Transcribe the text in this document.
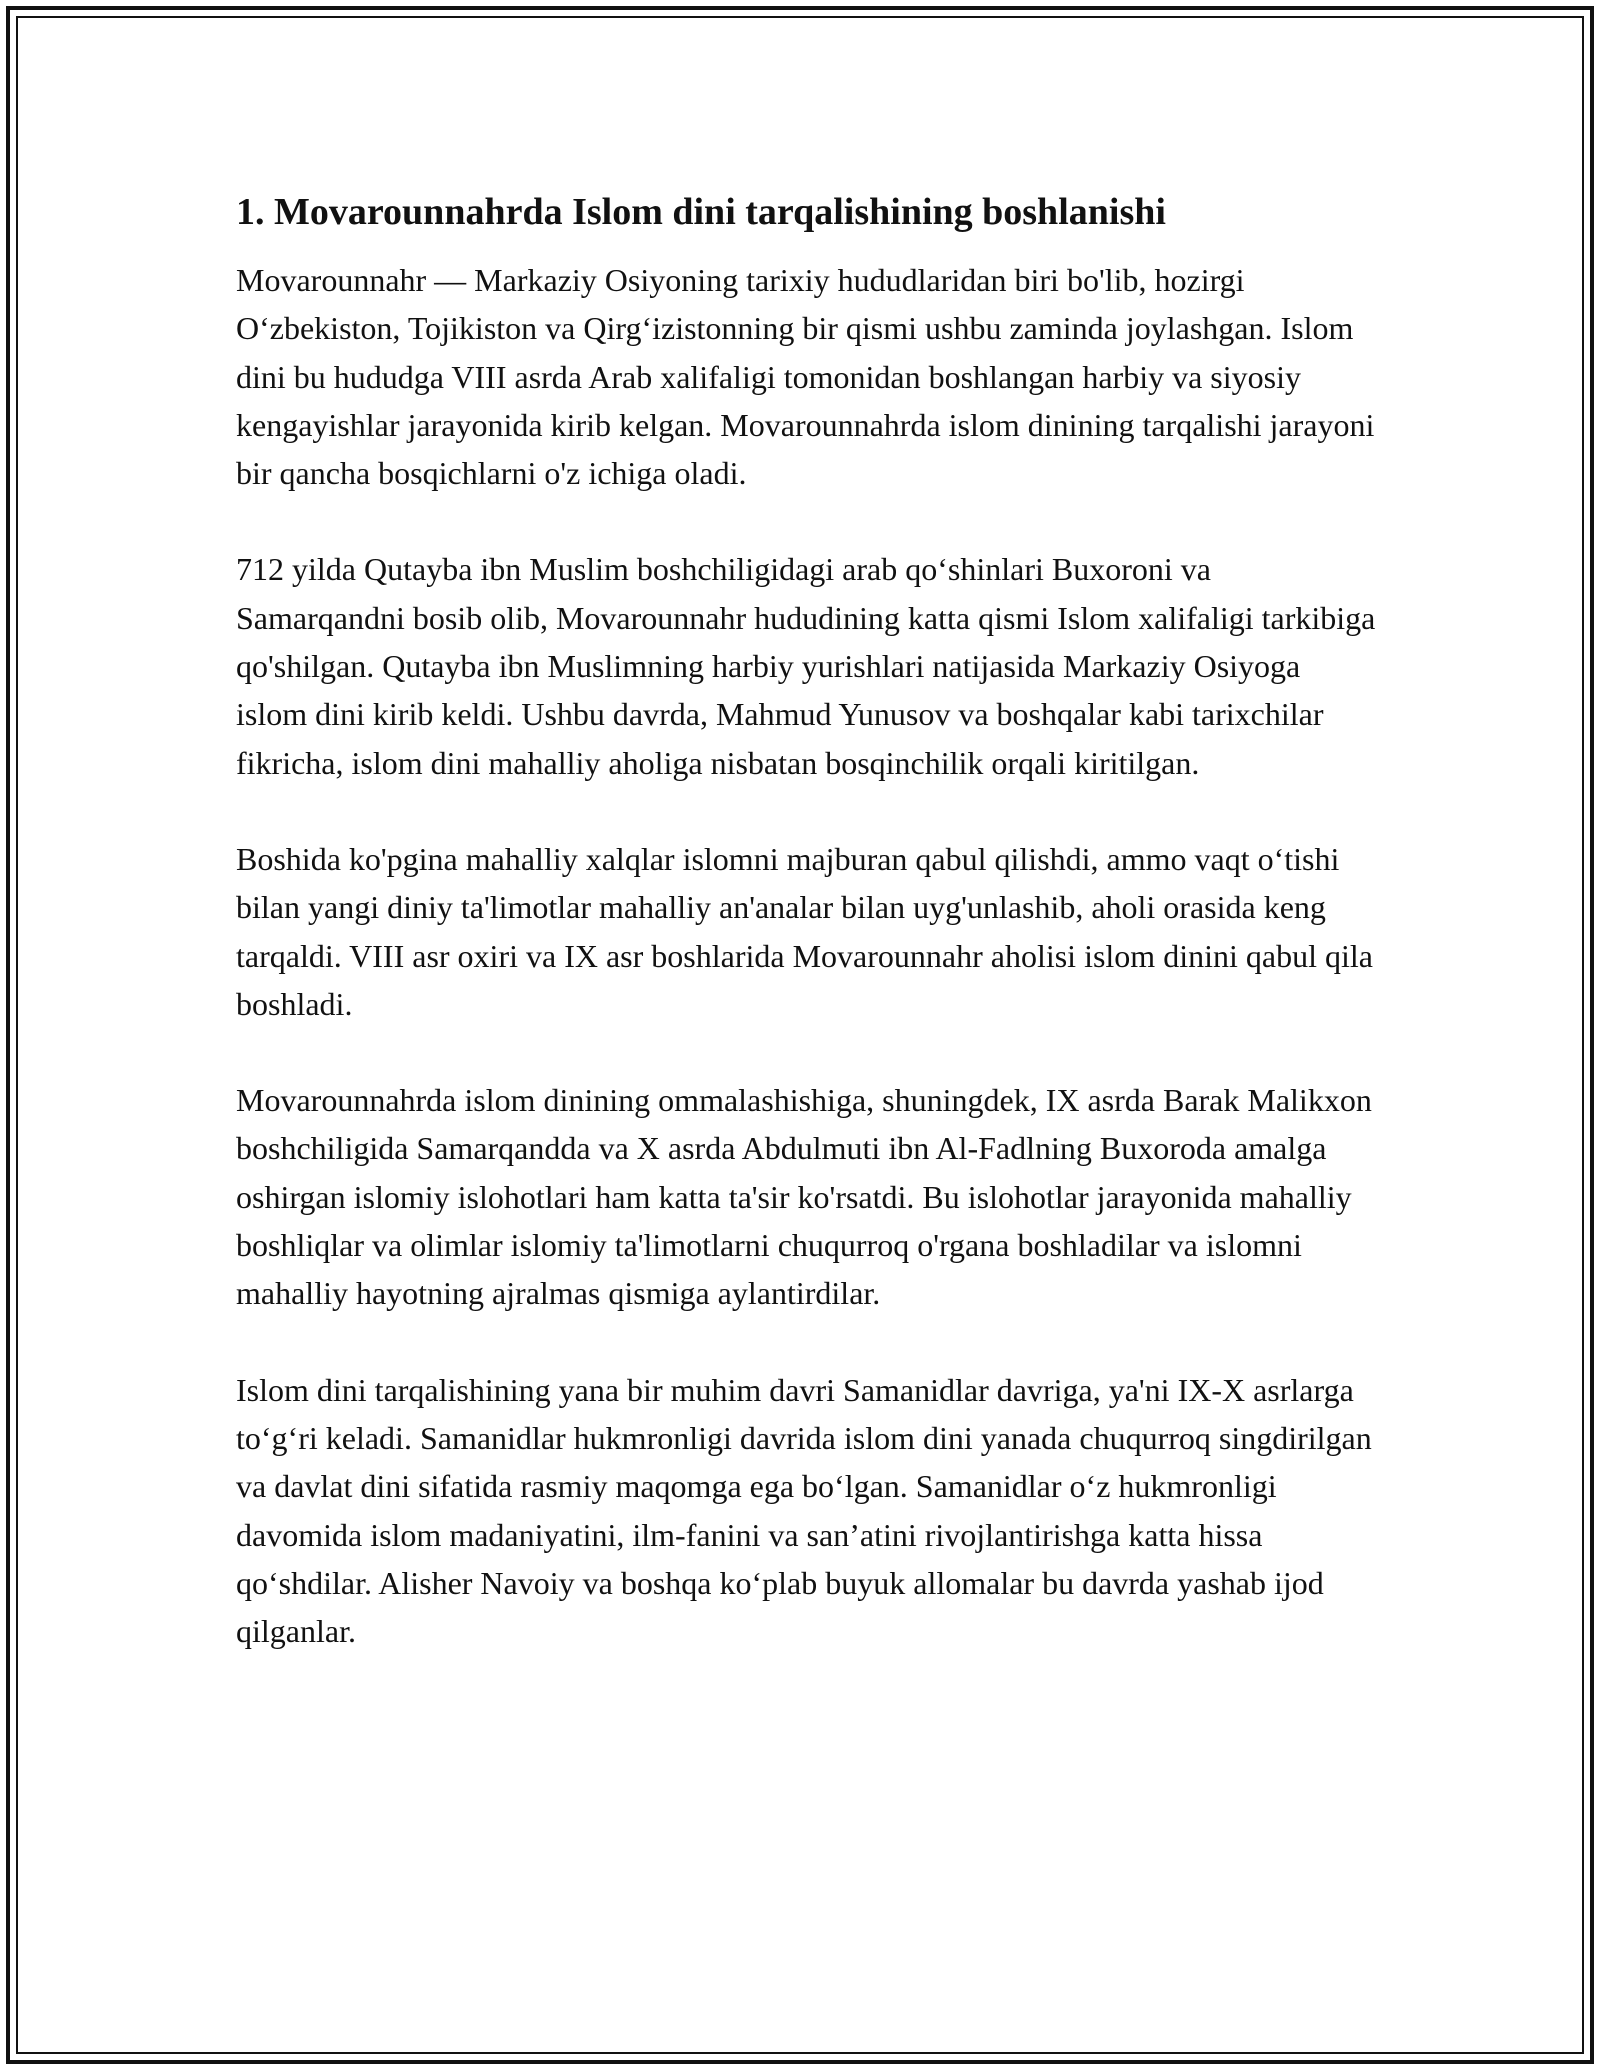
1. Movarounnahrda Islom dini tarqalishining boshlanishi

Movarounnahr — Markaziy Osiyoning tarixiy hududlaridan biri bo'lib, hozirgi O‘zbekiston, Tojikiston va Qirg‘izistonning bir qismi ushbu zaminda joylashgan. Islom dini bu hududga VIII asrda Arab xalifaligi tomonidan boshlangan harbiy va siyosiy kengayishlar jarayonida kirib kelgan. Movarounnahrda islom dinining tarqalishi jarayoni bir qancha bosqichlarni o'z ichiga oladi.

712 yilda Qutayba ibn Muslim boshchiligidagi arab qo‘shinlari Buxoroni va Samarqandni bosib olib, Movarounnahr hududining katta qismi Islom xalifaligi tarkibiga qo'shilgan. Qutayba ibn Muslimning harbiy yurishlari natijasida Markaziy Osiyoga islom dini kirib keldi. Ushbu davrda, Mahmud Yunusov va boshqalar kabi tarixchilar fikricha, islom dini mahalliy aholiga nisbatan bosqinchilik orqali kiritilgan.

Boshida ko'pgina mahalliy xalqlar islomni majburan qabul qilishdi, ammo vaqt o‘tishi bilan yangi diniy ta'limotlar mahalliy an'analar bilan uyg'unlashib, aholi orasida keng tarqaldi. VIII asr oxiri va IX asr boshlarida Movarounnahr aholisi islom dinini qabul qila boshladi.

Movarounnahrda islom dinining ommalashishiga, shuningdek, IX asrda Barak Malikxon boshchiligida Samarqandda va X asrda Abdulmuti ibn Al-Fadlning Buxoroda amalga oshirgan islomiy islohotlari ham katta ta'sir ko'rsatdi. Bu islohotlar jarayonida mahalliy boshliqlar va olimlar islomiy ta'limotlarni chuqurroq o'rgana boshladilar va islomni mahalliy hayotning ajralmas qismiga aylantirdilar.

Islom dini tarqalishining yana bir muhim davri Samanidlar davriga, ya'ni IX-X asrlarga to‘g‘ri keladi. Samanidlar hukmronligi davrida islom dini yanada chuqurroq singdirilgan va davlat dini sifatida rasmiy maqomga ega bo‘lgan. Samanidlar o‘z hukmronligi davomida islom madaniyatini, ilm-fanini va san’atini rivojlantirishga katta hissa qo‘shdilar. Alisher Navoiy va boshqa ko‘plab buyuk allomalar bu davrda yashab ijod qilganlar.
